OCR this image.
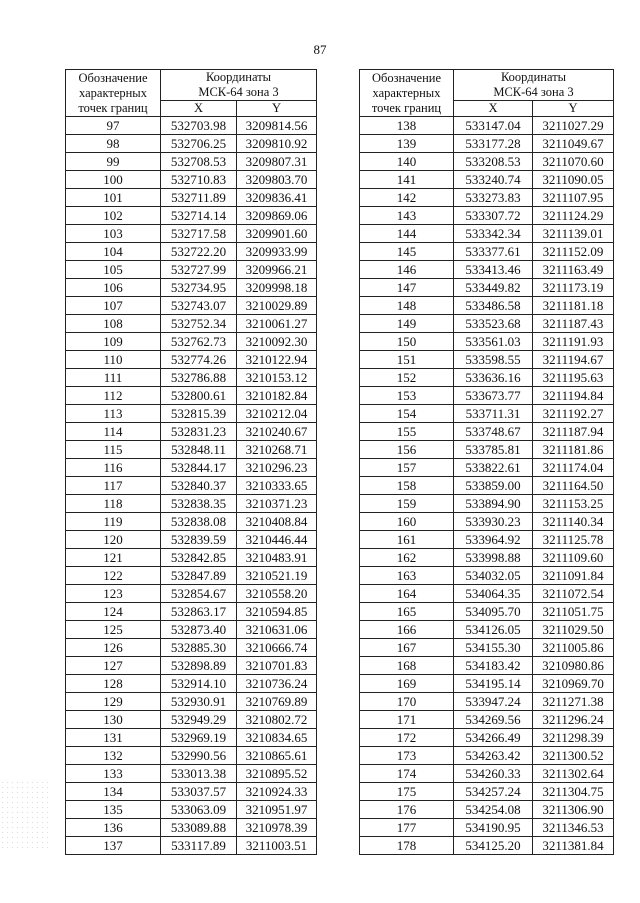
87
Обозначение
характерных
точек границ	Координаты	

	МСК-64 зона 3	

	X	Y
97	532703.98	3209814.56
98	532706.25	3209810.92
99	532708.53	3209807.31
100	532710.83	3209803.70
101	532711.89	3209836.41
102	532714.14	3209869.06
103	532717.58	3209901.60
104	532722.20	3209933.99
105	532727.99	3209966.21
106	532734.95	3209998.18
107	532743.07	3210029.89
108	532752.34	3210061.27
109	532762.73	3210092.30
110	532774.26	3210122.94
111	532786.88	3210153.12
112	532800.61	3210182.84
113	532815.39	3210212.04
114	532831.23	3210240.67
115	532848.11	3210268.71
116	532844.17	3210296.23
117	532840.37	3210333.65
118	532838.35	3210371.23
119	532838.08	3210408.84
120	532839.59	3210446.44
121	532842.85	3210483.91
122	532847.89	3210521.19
123	532854.67	3210558.20
124	532863.17	3210594.85
125	532873.40	3210631.06
126	532885.30	3210666.74
127	532898.89	3210701.83
128	532914.10	3210736.24
129	532930.91	3210769.89
130	532949.29	3210802.72
131	532969.19	3210834.65
132	532990.56	3210865.61
133	533013.38	3210895.52
134	533037.57	3210924.33
135	533063.09	3210951.97
136	533089.88	3210978.39
137	533117.89	3211003.51
Обозначение
характерных
точек границ	Координаты	

	МСК-64 зона 3	

	X	Y
138	533147.04	3211027.29
139	533177.28	3211049.67
140	533208.53	3211070.60
141	533240.74	3211090.05
142	533273.83	3211107.95
143	533307.72	3211124.29
144	533342.34	3211139.01
145	533377.61	3211152.09
146	533413.46	3211163.49
147	533449.82	3211173.19
148	533486.58	3211181.18
149	533523.68	3211187.43
150	533561.03	3211191.93
151	533598.55	3211194.67
152	533636.16	3211195.63
153	533673.77	3211194.84
154	533711.31	3211192.27
155	533748.67	3211187.94
156	533785.81	3211181.86
157	533822.61	3211174.04
158	533859.00	3211164.50
159	533894.90	3211153.25
160	533930.23	3211140.34
161	533964.92	3211125.78
162	533998.88	3211109.60
163	534032.05	3211091.84
164	534064.35	3211072.54
165	534095.70	3211051.75
166	534126.05	3211029.50
167	534155.30	3211005.86
168	534183.42	3210980.86
169	534195.14	3210969.70
170	533947.24	3211271.38
171	534269.56	3211296.24
172	534266.49	3211298.39
173	534263.42	3211300.52
174	534260.33	3211302.64
175	534257.24	3211304.75
176	534254.08	3211306.90
177	534190.95	3211346.53
178	534125.20	3211381.84
